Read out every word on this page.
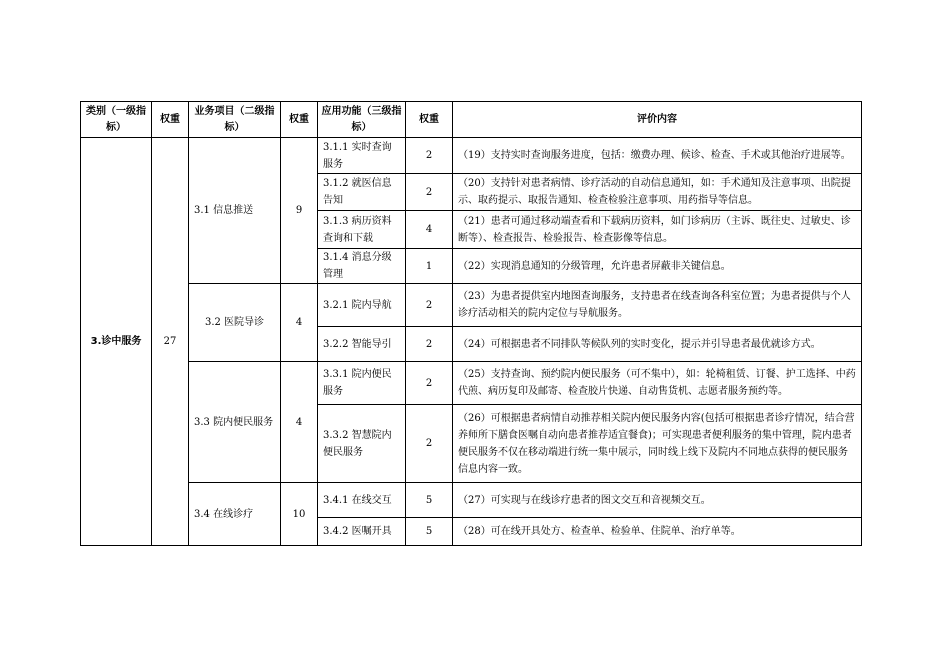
类别（一级指标）	权重	业务项目（二级指标）	权重	应用功能（三级指标）	权重	评价内容
3.诊中服务	27	3.1 信息推送	9	3.1.1 实时查询服务	2	（19）支持实时查询服务进度，包括：缴费办理、候诊、检查、手术或其他治疗进展等。
				3.1.2 就医信息告知	2	（20）支持针对患者病情、诊疗活动的自动信息通知，如：手术通知及注意事项、出院提示、取药提示、取报告通知、检查检验注意事项、用药指导等信息。
				3.1.3 病历资料查询和下载	4	（21）患者可通过移动端查看和下载病历资料，如门诊病历（主诉、既往史、过敏史、诊断等）、检查报告、检验报告、检查影像等信息。
				3.1.4 消息分级管理	1	（22）实现消息通知的分级管理，允许患者屏蔽非关键信息。
		3.2 医院导诊	4	3.2.1 院内导航	2	（23）为患者提供室内地图查询服务，支持患者在线查询各科室位置；为患者提供与个人诊疗活动相关的院内定位与导航服务。
				3.2.2 智能导引	2	（24）可根据患者不同排队等候队列的实时变化，提示并引导患者最优就诊方式。
		3.3 院内便民服务	4	3.3.1 院内便民服务	2	（25）支持查询、预约院内便民服务（可不集中），如：轮椅租赁、订餐、护工选择、中药代煎、病历复印及邮寄、检查胶片快递、自动售货机、志愿者服务预约等。
				3.3.2 智慧院内便民服务	2	（26）可根据患者病情自动推荐相关院内便民服务内容(包括可根据患者诊疗情况，结合营养师所下膳食医嘱自动向患者推荐适宜餐食)；可实现患者便利服务的集中管理，院内患者便民服务不仅在移动端进行统一集中展示，同时线上线下及院内不同地点获得的便民服务信息内容一致。
		3.4 在线诊疗	10	3.4.1 在线交互	5	（27）可实现与在线诊疗患者的图文交互和音视频交互。
				3.4.2 医嘱开具	5	（28）可在线开具处方、检查单、检验单、住院单、治疗单等。
